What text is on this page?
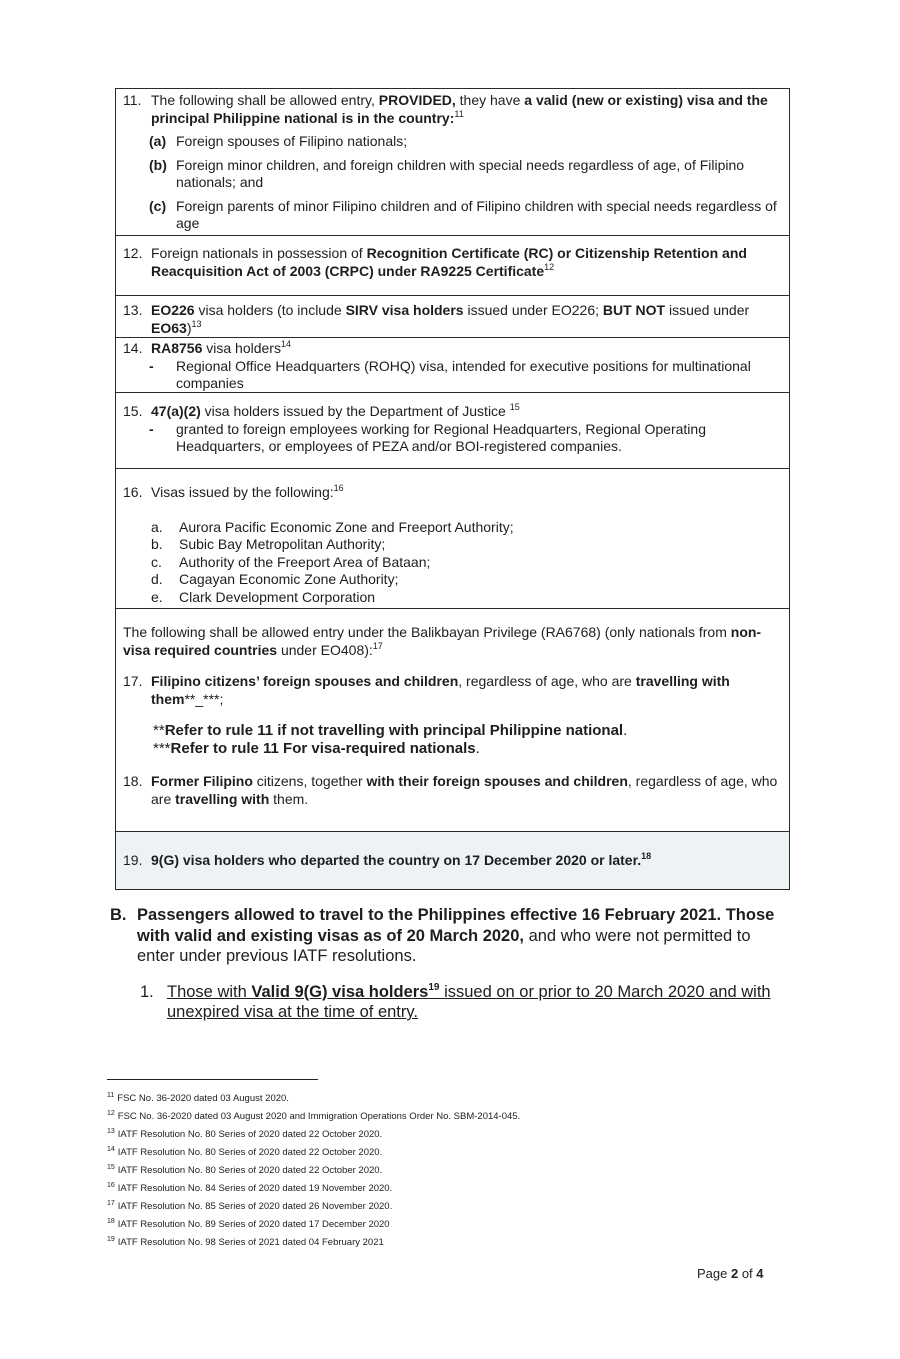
11. The following shall be allowed entry, PROVIDED, they have a valid (new or existing) visa and the principal Philippine national is in the country:$^{11}$
(a) Foreign spouses of Filipino nationals;
(b) Foreign minor children, and foreign children with special needs regardless of age, of Filipino nationals; and
(c) Foreign parents of minor Filipino children and of Filipino children with special needs regardless of age
12. Foreign nationals in possession of Recognition Certificate (RC) or Citizenship Retention and Reacquisition Act of 2003 (CRPC) under RA9225 Certificate$^{12}$
13. EO226 visa holders (to include SIRV visa holders issued under EO226; BUT NOT issued under EO63)$^{13}$
14. RA8756 visa holders$^{14}$
-	Regional Office Headquarters (ROHQ) visa, intended for executive positions for multinational companies
15. 47(a)(2) visa holders issued by the Department of Justice $^{15}$
-	granted to foreign employees working for Regional Headquarters, Regional Operating Headquarters, or employees of PEZA and/or BOI-registered companies.
16. Visas issued by the following:$^{16}$
a.	Aurora Pacific Economic Zone and Freeport Authority;
b.	Subic Bay Metropolitan Authority;
c.	Authority of the Freeport Area of Bataan;
d.	Cagayan Economic Zone Authority;
e.	Clark Development Corporation
The following shall be allowed entry under the Balikbayan Privilege (RA6768) (only nationals from non-visa required countries under EO408):$^{17}$
17. Filipino citizens’ foreign spouses and children, regardless of age, who are travelling with them**_***;
**Refer to rule 11 if not travelling with principal Philippine national.
***Refer to rule 11 For visa-required nationals.
18. Former Filipino citizens, together with their foreign spouses and children, regardless of age, who are travelling with them.
19. 9(G) visa holders who departed the country on 17 December 2020 or later.$^{18}$
B. Passengers allowed to travel to the Philippines effective 16 February 2021. Those with valid and existing visas as of 20 March 2020, and who were not permitted to enter under previous IATF resolutions.
1. Those with Valid 9(G) visa holders$^{19}$ issued on or prior to 20 March 2020 and with unexpired visa at the time of entry.
$^{11}$ FSC No. 36-2020 dated 03 August 2020.
$^{12}$ FSC No. 36-2020 dated 03 August 2020 and Immigration Operations Order No. SBM-2014-045.
$^{13}$ IATF Resolution No. 80 Series of 2020 dated 22 October 2020.
$^{14}$ IATF Resolution No. 80 Series of 2020 dated 22 October 2020.
$^{15}$ IATF Resolution No. 80 Series of 2020 dated 22 October 2020.
$^{16}$ IATF Resolution No. 84 Series of 2020 dated 19 November 2020.
$^{17}$ IATF Resolution No. 85 Series of 2020 dated 26 November 2020.
$^{18}$ IATF Resolution No. 89 Series of 2020 dated 17 December 2020
$^{19}$ IATF Resolution No. 98 Series of 2021 dated 04 February 2021
Page 2 of 4
